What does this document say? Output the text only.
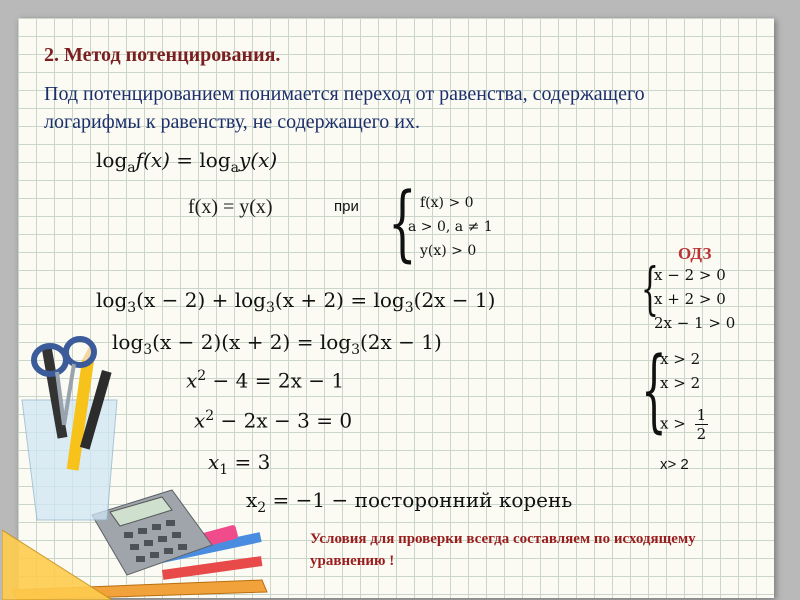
2. Метод потенцирования.
Под потенцированием понимается переход от равенства, содержащего логарифмы к равенству, не содержащего их.
$\log_af(x) = \log_ay(x)$
f(x) = y(x)	при { f(x) > 0
a > 0, a ≠ 1
y(x) > 0	ОДЗ
{
x − 2 > 0
x + 2 > 0
2x − 1 > 0
{
x > 2
x > 2
$x > \frac{1}{2}$
x> 2
$\log_3(x - 2) + \log_3(x + 2) = \log_3(2x - 1)$
$\log_3(x - 2)(x + 2) = \log_3(2x - 1)$
$x^2 - 4 = 2x - 1$
$x^2 - 2x - 3 = 0$
$x_1 = 3$
$x_2 = -1$ − посторонний корень
Условия для проверки всегда составляем по исходящему уравнению !
